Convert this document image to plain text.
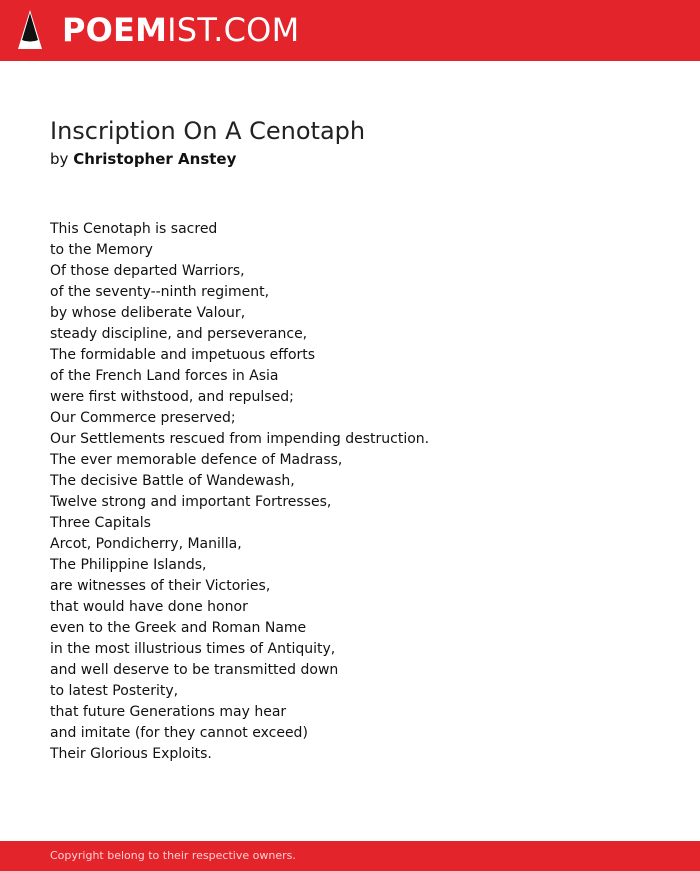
POEMIST.COM
Inscription On A Cenotaph
by Christopher Anstey
This Cenotaph is sacred
to the Memory
Of those departed Warriors,
of the seventy--ninth regiment,
by whose deliberate Valour,
steady discipline, and perseverance,
The formidable and impetuous efforts
of the French Land forces in Asia
were first withstood, and repulsed;
Our Commerce preserved;
Our Settlements rescued from impending destruction.
The ever memorable defence of Madrass,
The decisive Battle of Wandewash,
Twelve strong and important Fortresses,
Three Capitals
Arcot, Pondicherry, Manilla,
The Philippine Islands,
are witnesses of their Victories,
that would have done honor
even to the Greek and Roman Name
in the most illustrious times of Antiquity,
and well deserve to be transmitted down
to latest Posterity,
that future Generations may hear
and imitate (for they cannot exceed)
Their Glorious Exploits.
Copyright belong to their respective owners.
